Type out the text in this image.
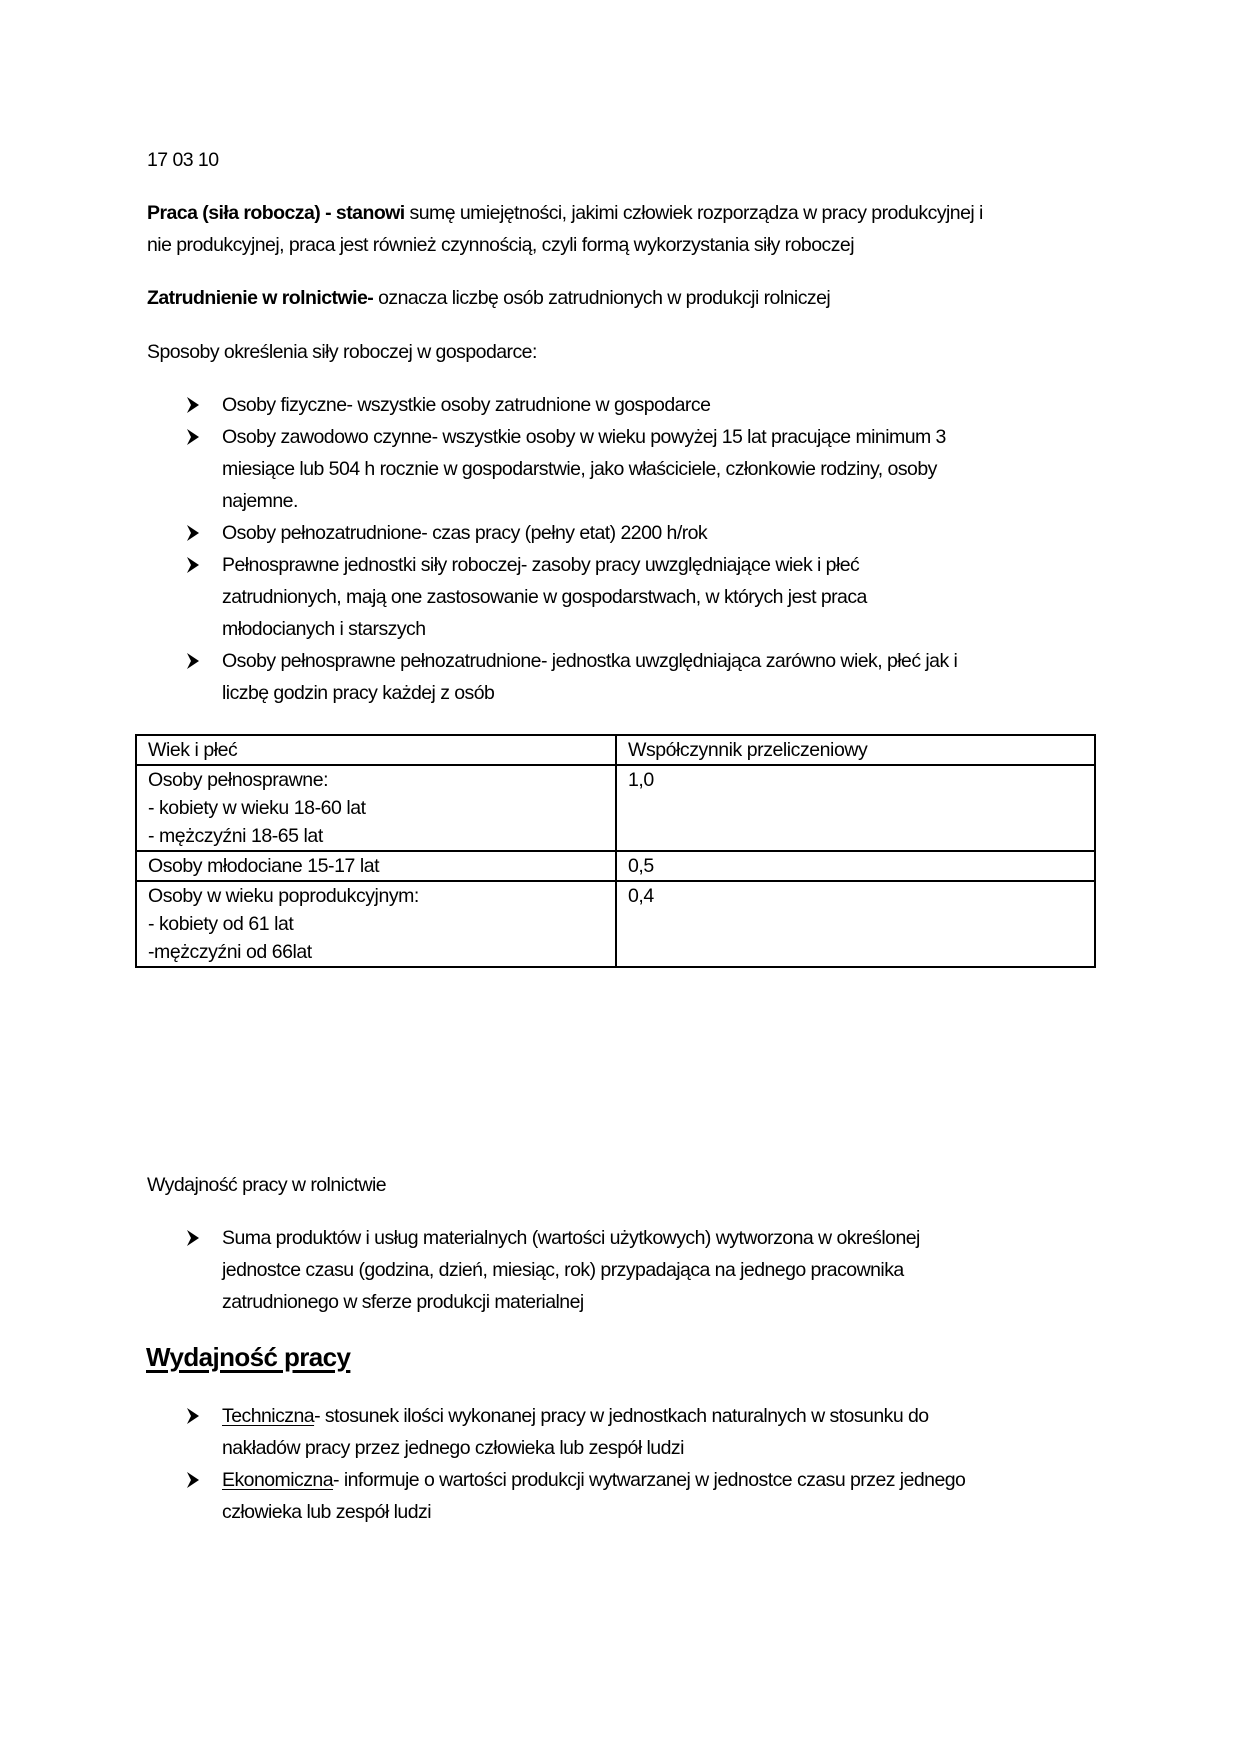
17 03 10
Praca (siła robocza) - stanowi sumę umiejętności, jakimi człowiek rozporządza w pracy produkcyjnej i
nie produkcyjnej, praca jest również czynnością, czyli formą wykorzystania siły roboczej
Zatrudnienie w rolnictwie- oznacza liczbę osób zatrudnionych w produkcji rolniczej
Sposoby określenia siły roboczej w gospodarce:
Osoby fizyczne- wszystkie osoby zatrudnione w gospodarce
Osoby zawodowo czynne- wszystkie osoby w wieku powyżej 15 lat pracujące minimum 3
miesiące lub 504 h rocznie w gospodarstwie, jako właściciele, członkowie rodziny, osoby
najemne.
Osoby pełnozatrudnione- czas pracy (pełny etat) 2200 h/rok
Pełnosprawne jednostki siły roboczej- zasoby pracy uwzględniające wiek i płeć
zatrudnionych, mają one zastosowanie w gospodarstwach, w których jest praca
młodocianych i starszych
Osoby pełnosprawne pełnozatrudnione- jednostka uwzględniająca zarówno wiek, płeć jak i
liczbę godzin pracy każdej z osób
Wiek i płeć	Współczynnik przeliczeniowy

Osoby pełnosprawne:
- kobiety w wieku 18-60 lat
- mężczyźni 18-65 lat	1,0

Osoby młodociane 15-17 lat	0,5

Osoby w wieku poprodukcyjnym:
- kobiety od 61 lat
-mężczyźni od 66lat	0,4
Wydajność pracy w rolnictwie
Suma produktów i usług materialnych (wartości użytkowych) wytworzona w określonej
jednostce czasu (godzina, dzień, miesiąc, rok) przypadająca na jednego pracownika
zatrudnionego w sferze produkcji materialnej
Wydajność pracy
Techniczna- stosunek ilości wykonanej pracy w jednostkach naturalnych w stosunku do
nakładów pracy przez jednego człowieka lub zespół ludzi
Ekonomiczna- informuje o wartości produkcji wytwarzanej w jednostce czasu przez jednego
człowieka lub zespół ludzi
